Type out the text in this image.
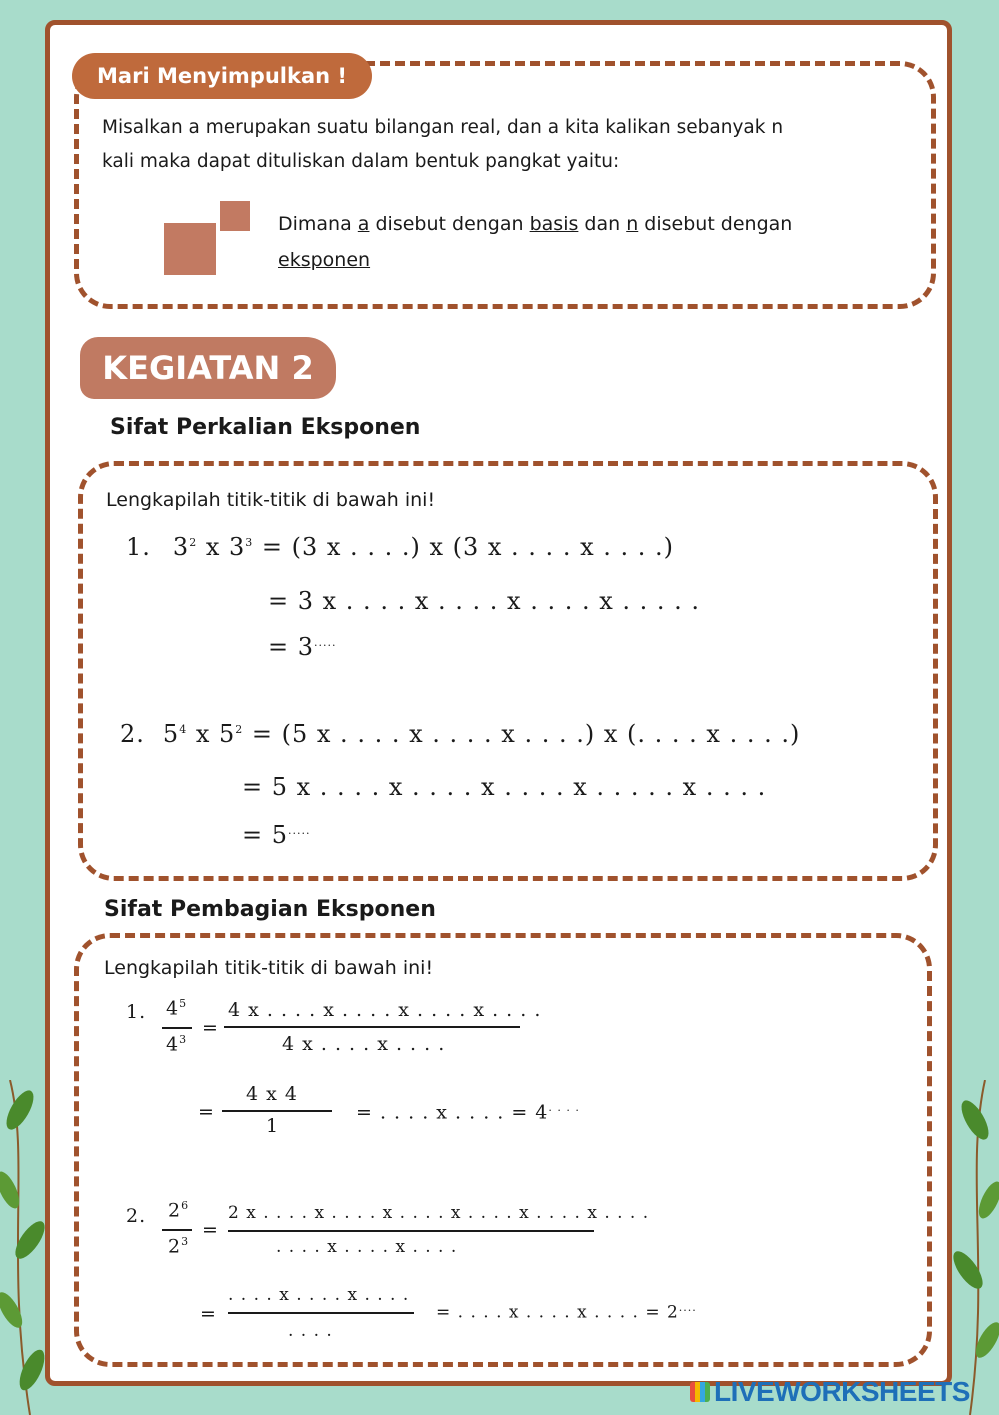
Mari Menyimpulkan !
Misalkan a merupakan suatu bilangan real, dan a kita kalikan sebanyak n
kali maka dapat dituliskan dalam bentuk pangkat yaitu:
Dimana a disebut dengan basis dan n disebut dengan
eksponen
KEGIATAN 2
Sifat Perkalian Eksponen
Lengkapilah titik-titik di bawah ini!
1. $3^2$ x $3^3 = (3$ x . . . .) x (3 x . . . . x . . . .)
= 3 x . . . . x . . . . x . . . . x . . . . .
= 3.....
2. $5^4$ x $5^2 = (5$ x . . . . x . . . . x . . . .) x (. . . . x . . . .)
= 5 x . . . . x . . . . x . . . . x . . . . . x . . . .
= 5.....
Sifat Pembagian Eksponen
Lengkapilah titik-titik di bawah ini!
1. $4^5$
$4^3$
=
4 x . . . . x . . . . x . . . . x . . . .
4 x . . . . x . . . .
=
4 x 4
1
= . . . . x . . . . = 4. . . .
2. $2^6$
$2^3$
=
2 x . . . . x . . . . x . . . . x . . . . x . . . . x . . . .
. . . . x . . . . x . . . .
=
. . . . x . . . . x . . . .
. . . .
= . . . . x . . . . x . . . . = 2....
LIVEWORKSHEETS
